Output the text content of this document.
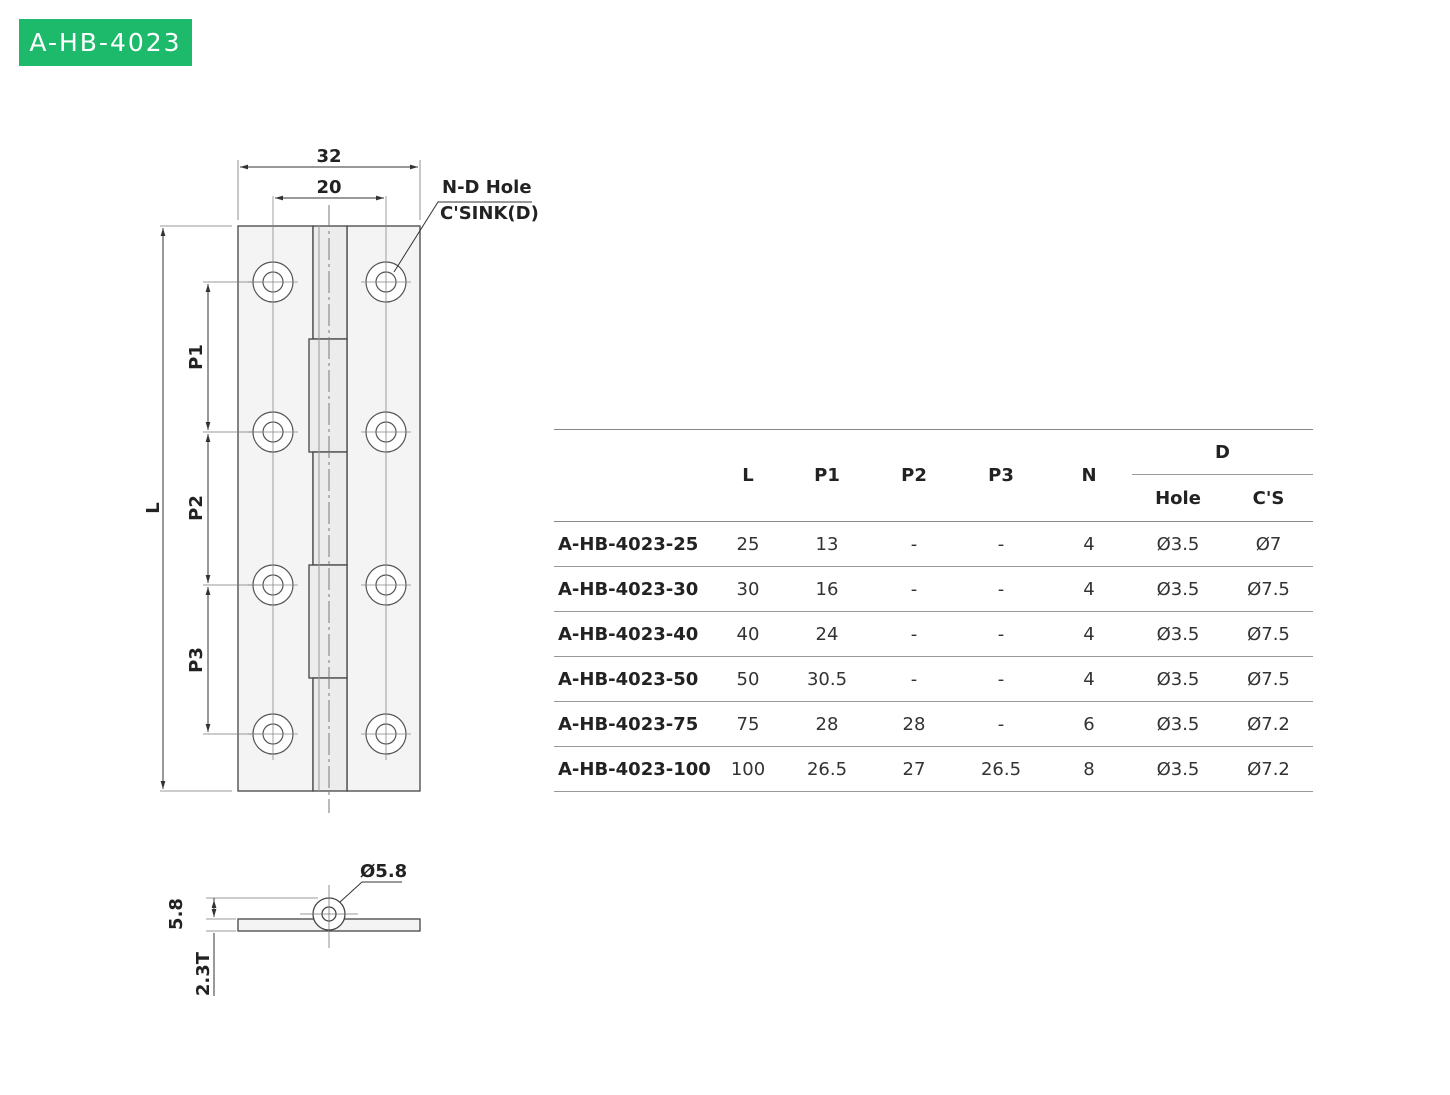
A-HB-4023
32
20	N-D Hole
C'SINK(D)
L
P1
P2
P3
Ø5.8
5.8
2.3T
	L	P1	P2	P3	N	D	
						Hole	C'S
A-HB-4023-25	25	13	-	-	4	Ø3.5	Ø7
A-HB-4023-30	30	16	-	-	4	Ø3.5	Ø7.5
A-HB-4023-40	40	24	-	-	4	Ø3.5	Ø7.5
A-HB-4023-50	50	30.5	-	-	4	Ø3.5	Ø7.5
A-HB-4023-75	75	28	28	-	6	Ø3.5	Ø7.2
A-HB-4023-100	100	26.5	27	26.5	8	Ø3.5	Ø7.2
